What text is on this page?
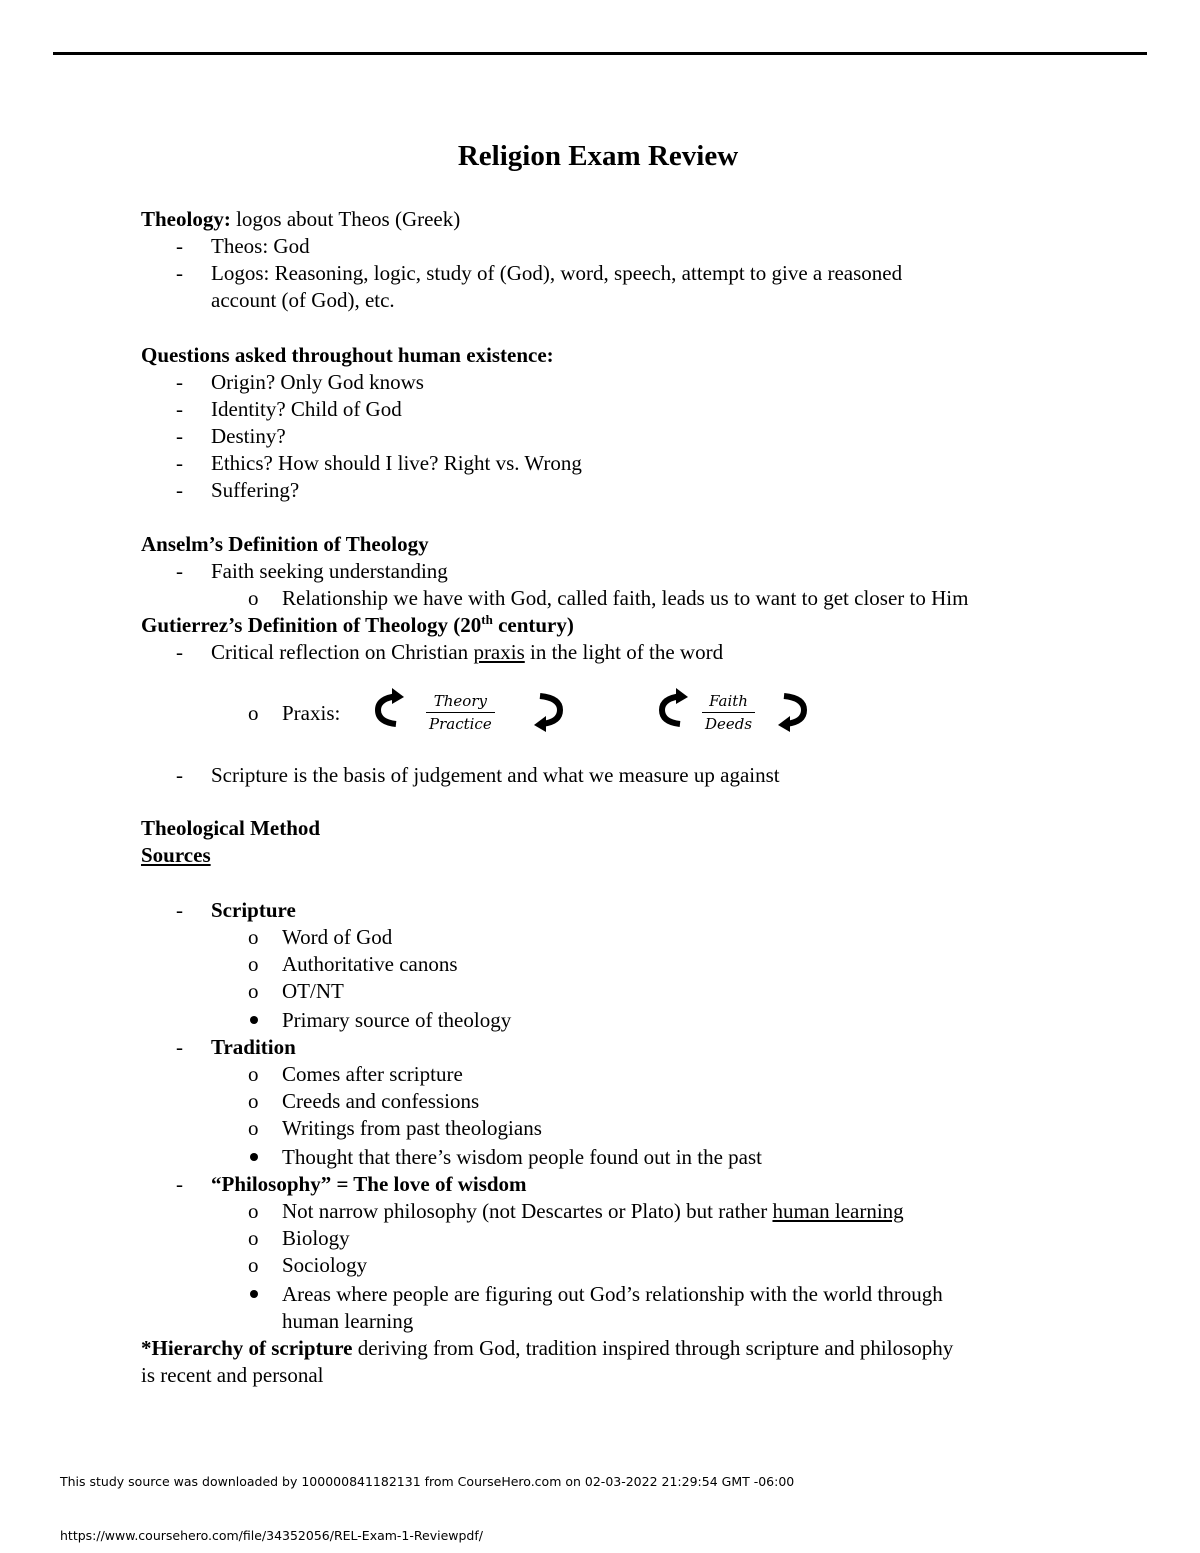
Religion Exam Review
Theology: logos about Theos (Greek)
- Theos: God
- Logos: Reasoning, logic, study of (God), word, speech, attempt to give a reasoned
account (of God), etc.
Questions asked throughout human existence:
- Origin? Only God knows
- Identity? Child of God
- Destiny?
- Ethics? How should I live? Right vs. Wrong
- Suffering?
Anselm’s Definition of Theology
- Faith seeking understanding
o Relationship we have with God, called faith, leads us to want to get closer to Him
Gutierrez’s Definition of Theology (20th century)
- Critical reflection on Christian praxis in the light of the word
o Praxis:	Theory
Practice
Faith
Deeds
- Scripture is the basis of judgement and what we measure up against
Theological Method
Sources
- Scripture
o Word of God
o Authoritative canons
o OT/NT
Primary source of theology
- Tradition
o Comes after scripture
o Creeds and confessions
o Writings from past theologians
Thought that there’s wisdom people found out in the past
- “Philosophy” = The love of wisdom
o Not narrow philosophy (not Descartes or Plato) but rather human learning
o Biology
o Sociology
Areas where people are figuring out God’s relationship with the world through
human learning
*Hierarchy of scripture deriving from God, tradition inspired through scripture and philosophy
is recent and personal
This study source was downloaded by 100000841182131 from CourseHero.com on 02-03-2022 21:29:54 GMT -06:00
https://www.coursehero.com/file/34352056/REL-Exam-1-Reviewpdf/
